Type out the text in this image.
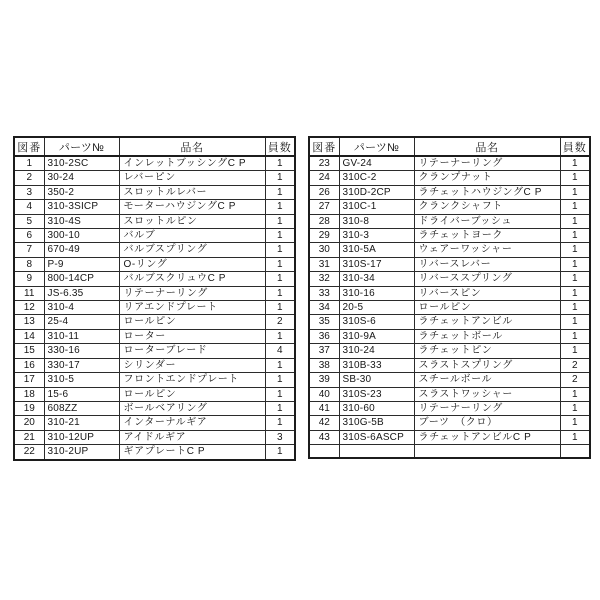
図番	パーツ№	品名	員数
1	310-2SC	インレットブッシングC P	1
2	30-24	レバーピン	1
3	350-2	スロットルレバー	1
4	310-3SICP	モーターハウジングC P	1
5	310-4S	スロットルピン	1
6	300-10	バルブ	1
7	670-49	バルブスプリング	1
8	P-9	O-リング	1
9	800-14CP	バルブスクリュウC P	1
11	JS-6.35	リテーナーリング	1
12	310-4	リアエンドプレート	1
13	25-4	ロールピン	2
14	310-11	ローター	1
15	330-16	ローターブレード	4
16	330-17	シリンダー	1
17	310-5	フロントエンドプレート	1
18	15-6	ロールピン	1
19	608ZZ	ボールベアリング	1
20	310-21	インターナルギア	1
21	310-12UP	アイドルギア	3
22	310-2UP	ギアプレートC P	1
図番	パーツ№	品名	員数
23	GV-24	リテーナーリング	1
24	310C-2	クランプナット	1
26	310D-2CP	ラチェットハウジングC P	1
27	310C-1	クランクシャフト	1
28	310-8	ドライバーブッシュ	1
29	310-3	ラチェットヨーク	1
30	310-5A	ウェアーワッシャー	1
31	310S-17	リバースレバー	1
32	310-34	リバーススプリング	1
33	310-16	リバースピン	1
34	20-5	ロールピン	1
35	310S-6	ラチェットアンビル	1
36	310-9A	ラチェットボール	1
37	310-24	ラチェットピン	1
38	310B-33	スラストスプリング	2
39	SB-30	スチールボール	2
40	310S-23	スラストワッシャー	1
41	310-60	リテーナーリング	1
42	310G-5B	ブーツ　（クロ）	1
43	310S-6ASCP	ラチェットアンビルC P	1
